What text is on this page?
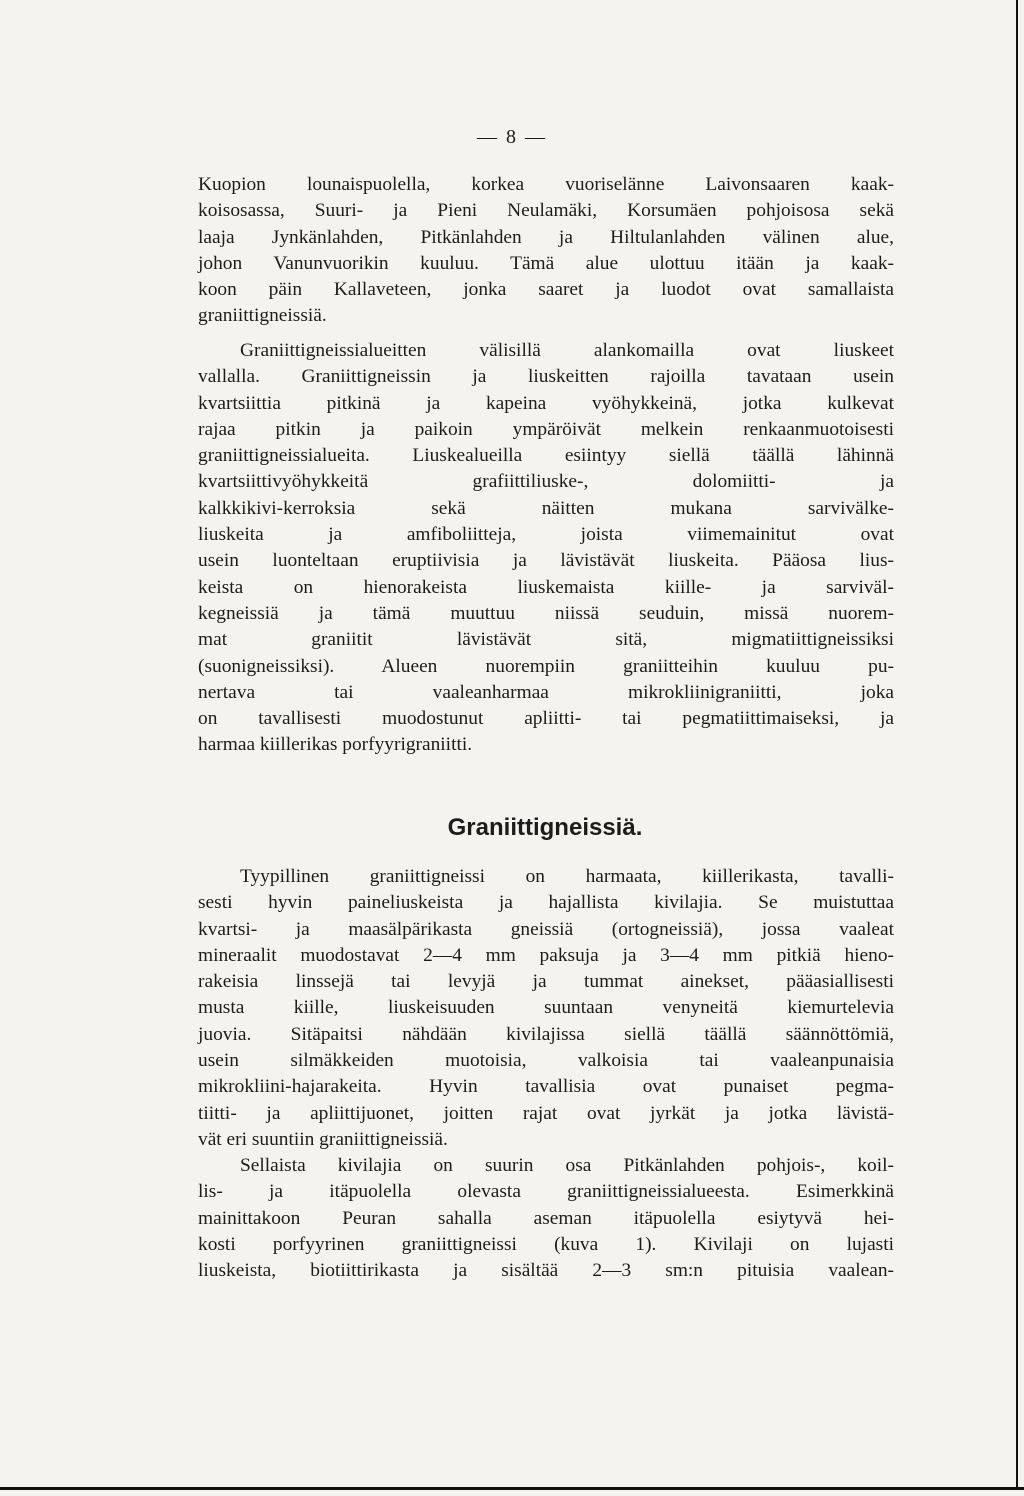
— 8 —
Kuopion lounaispuolella, korkea vuoriselänne Laivonsaaren kaak-
koisosassa, Suuri- ja Pieni Neulamäki, Korsumäen pohjoisosa sekä
laaja Jynkänlahden, Pitkänlahden ja Hiltulanlahden välinen alue,
johon Vanunvuorikin kuuluu. Tämä alue ulottuu itään ja kaak-
koon päin Kallaveteen, jonka saaret ja luodot ovat samallaista
graniittigneissiä.
Graniittigneissialueitten välisillä alankomailla ovat liuskeet
vallalla. Graniittigneissin ja liuskeitten rajoilla tavataan usein
kvartsiittia pitkinä ja kapeina vyöhykkeinä, jotka kulkevat
rajaa pitkin ja paikoin ympäröivät melkein renkaanmuotoisesti
graniittigneissialueita. Liuskealueilla esiintyy siellä täällä lähinnä
kvartsiittivyöhykkeitä grafiittiliuske-, dolomiitti- ja
kalkkikivi-kerroksia sekä näitten mukana sarvivälke-
liuskeita ja amfiboliitteja, joista viimemainitut ovat
usein luonteltaan eruptiivisia ja lävistävät liuskeita. Pääosa lius-
keista on hienorakeista liuskemaista kiille- ja sarviväl-
kegneissiä ja tämä muuttuu niissä seuduin, missä nuorem-
mat graniitit lävistävät sitä, migmatiittigneissiksi
(suonigneissiksi). Alueen nuorempiin graniitteihin kuuluu pu-
nertava tai vaaleanharmaa mikrokliinigraniitti, joka
on tavallisesti muodostunut apliitti- tai pegmatiittimaiseksi, ja
harmaa kiillerikas porfyyrigraniitti.
Graniittigneissiä.
Tyypillinen graniittigneissi on harmaata, kiillerikasta, tavalli-
sesti hyvin paineliuskeista ja hajallista kivilajia. Se muistuttaa
kvartsi- ja maasälpärikasta gneissiä (ortogneissiä), jossa vaaleat
mineraalit muodostavat 2—4 mm paksuja ja 3—4 mm pitkiä hieno-
rakeisia linssejä tai levyjä ja tummat ainekset, pääasiallisesti
musta kiille, liuskeisuuden suuntaan venyneitä kiemurtelevia
juovia. Sitäpaitsi nähdään kivilajissa siellä täällä säännöttömiä,
usein silmäkkeiden muotoisia, valkoisia tai vaaleanpunaisia
mikrokliini-hajarakeita. Hyvin tavallisia ovat punaiset pegma-
tiitti- ja apliittijuonet, joitten rajat ovat jyrkät ja jotka lävistä-
vät eri suuntiin graniittigneissiä.
Sellaista kivilajia on suurin osa Pitkänlahden pohjois-, koil-
lis- ja itäpuolella olevasta graniittigneissialueesta. Esimerkkinä
mainittakoon Peuran sahalla aseman itäpuolella esiytyvä hei-
kosti porfyyrinen graniittigneissi (kuva 1). Kivilaji on lujasti
liuskeista, biotiittirikasta ja sisältää 2—3 sm:n pituisia vaalean-
